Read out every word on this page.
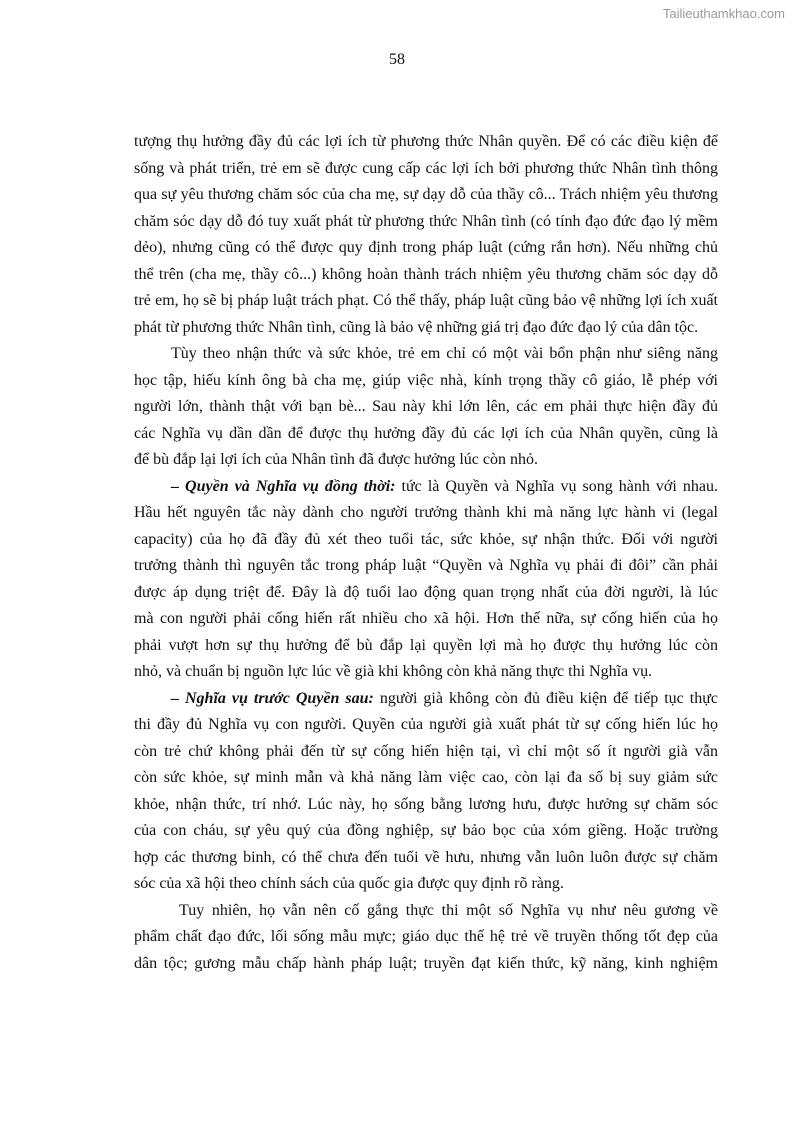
Tailieuthamkhao.com
58
tượng thụ hưởng đầy đủ các lợi ích từ phương thức Nhân quyền. Để có các điều kiện để
sống và phát triển, trẻ em sẽ được cung cấp các lợi ích bởi phương thức Nhân tình thông
qua sự yêu thương chăm sóc của cha mẹ, sự dạy dỗ của thầy cô... Trách nhiệm yêu thương
chăm sóc dạy dỗ đó tuy xuất phát từ phương thức Nhân tình (có tính đạo đức đạo lý mềm
dẻo), nhưng cũng có thể được quy định trong pháp luật (cứng rắn hơn). Nếu những chủ
thể trên (cha mẹ, thầy cô...) không hoàn thành trách nhiệm yêu thương chăm sóc dạy dỗ
trẻ em, họ sẽ bị pháp luật trách phạt. Có thể thấy, pháp luật cũng bảo vệ những lợi ích xuất
phát từ phương thức Nhân tình, cũng là bảo vệ những giá trị đạo đức đạo lý của dân tộc.
Tùy theo nhận thức và sức khỏe, trẻ em chỉ có một vài bổn phận như siêng năng
học tập, hiếu kính ông bà cha mẹ, giúp việc nhà, kính trọng thầy cô giáo, lễ phép với
người lớn, thành thật với bạn bè... Sau này khi lớn lên, các em phải thực hiện đầy đủ
các Nghĩa vụ dần dần để được thụ hưởng đầy đủ các lợi ích của Nhân quyền, cũng là
để bù đắp lại lợi ích của Nhân tình đã được hưởng lúc còn nhỏ.
– Quyền và Nghĩa vụ đồng thời: tức là Quyền và Nghĩa vụ song hành với nhau.
Hầu hết nguyên tắc này dành cho người trưởng thành khi mà năng lực hành vi (legal
capacity) của họ đã đầy đủ xét theo tuổi tác, sức khỏe, sự nhận thức. Đối với người
trưởng thành thì nguyên tắc trong pháp luật “Quyền và Nghĩa vụ phải đi đôi” cần phải
được áp dụng triệt để. Đây là độ tuổi lao động quan trọng nhất của đời người, là lúc
mà con người phải cống hiến rất nhiều cho xã hội. Hơn thế nữa, sự cống hiến của họ
phải vượt hơn sự thụ hưởng để bù đắp lại quyền lợi mà họ được thụ hưởng lúc còn
nhỏ, và chuẩn bị nguồn lực lúc về già khi không còn khả năng thực thi Nghĩa vụ.
– Nghĩa vụ trước Quyền sau: người già không còn đủ điều kiện để tiếp tục thực
thi đầy đủ Nghĩa vụ con người. Quyền của người già xuất phát từ sự cống hiến lúc họ
còn trẻ chứ không phải đến từ sự cống hiến hiện tại, vì chỉ một số ít người già vẫn
còn sức khỏe, sự minh mẫn và khả năng làm việc cao, còn lại đa số bị suy giảm sức
khỏe, nhận thức, trí nhớ. Lúc này, họ sống bằng lương hưu, được hưởng sự chăm sóc
của con cháu, sự yêu quý của đồng nghiệp, sự bảo bọc của xóm giềng. Hoặc trường
hợp các thương binh, có thể chưa đến tuổi về hưu, nhưng vẫn luôn luôn được sự chăm
sóc của xã hội theo chính sách của quốc gia được quy định rõ ràng.
Tuy nhiên, họ vẫn nên cố gắng thực thi một số Nghĩa vụ như nêu gương về
phẩm chất đạo đức, lối sống mẫu mực; giáo dục thế hệ trẻ về truyền thống tốt đẹp của
dân tộc; gương mẫu chấp hành pháp luật; truyền đạt kiến thức, kỹ năng, kinh nghiệm
